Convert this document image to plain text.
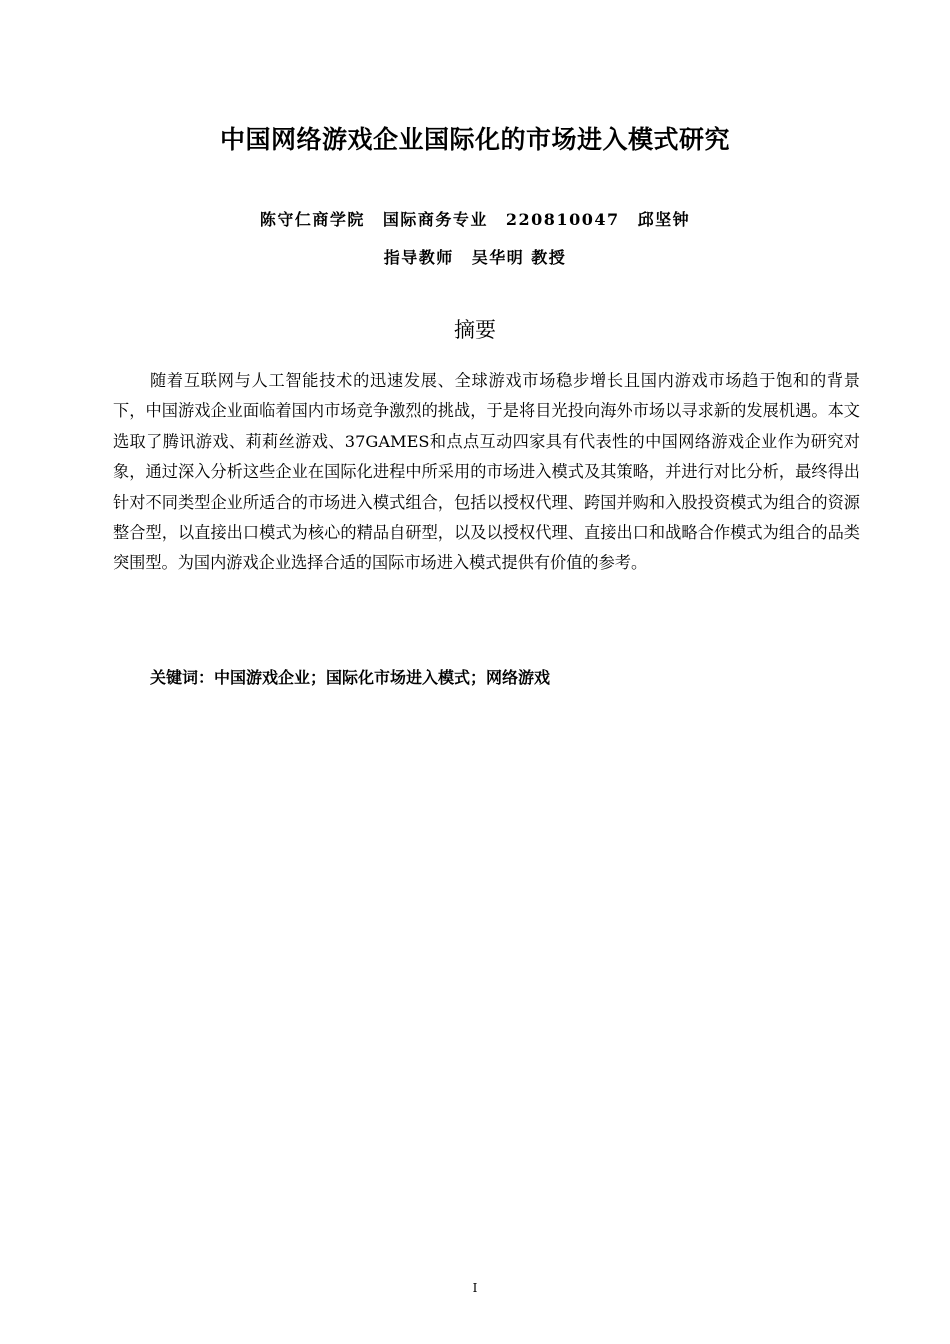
中国网络游戏企业国际化的市场进入模式研究
陈守仁商学院 国际商务专业 220810047 邱坚钟
指导教师 吴华明 教授
摘要

随着互联网与人工智能技术的迅速发展、全球游戏市场稳步增长且国内游戏市场趋于饱和的背景下，中国游戏企业面临着国内市场竞争激烈的挑战，于是将目光投向海外市场以寻求新的发展机遇。本文选取了腾讯游戏、莉莉丝游戏、37GAMES和点点互动四家具有代表性的中国网络游戏企业作为研究对象，通过深入分析这些企业在国际化进程中所采用的市场进入模式及其策略，并进行对比分析，最终得出针对不同类型企业所适合的市场进入模式组合，包括以授权代理、跨国并购和入股投资模式为组合的资源整合型，以直接出口模式为核心的精品自研型，以及以授权代理、直接出口和战略合作模式为组合的品类突围型。为国内游戏企业选择合适的国际市场进入模式提供有价值的参考。

关键词：中国游戏企业；国际化市场进入模式；网络游戏
I
